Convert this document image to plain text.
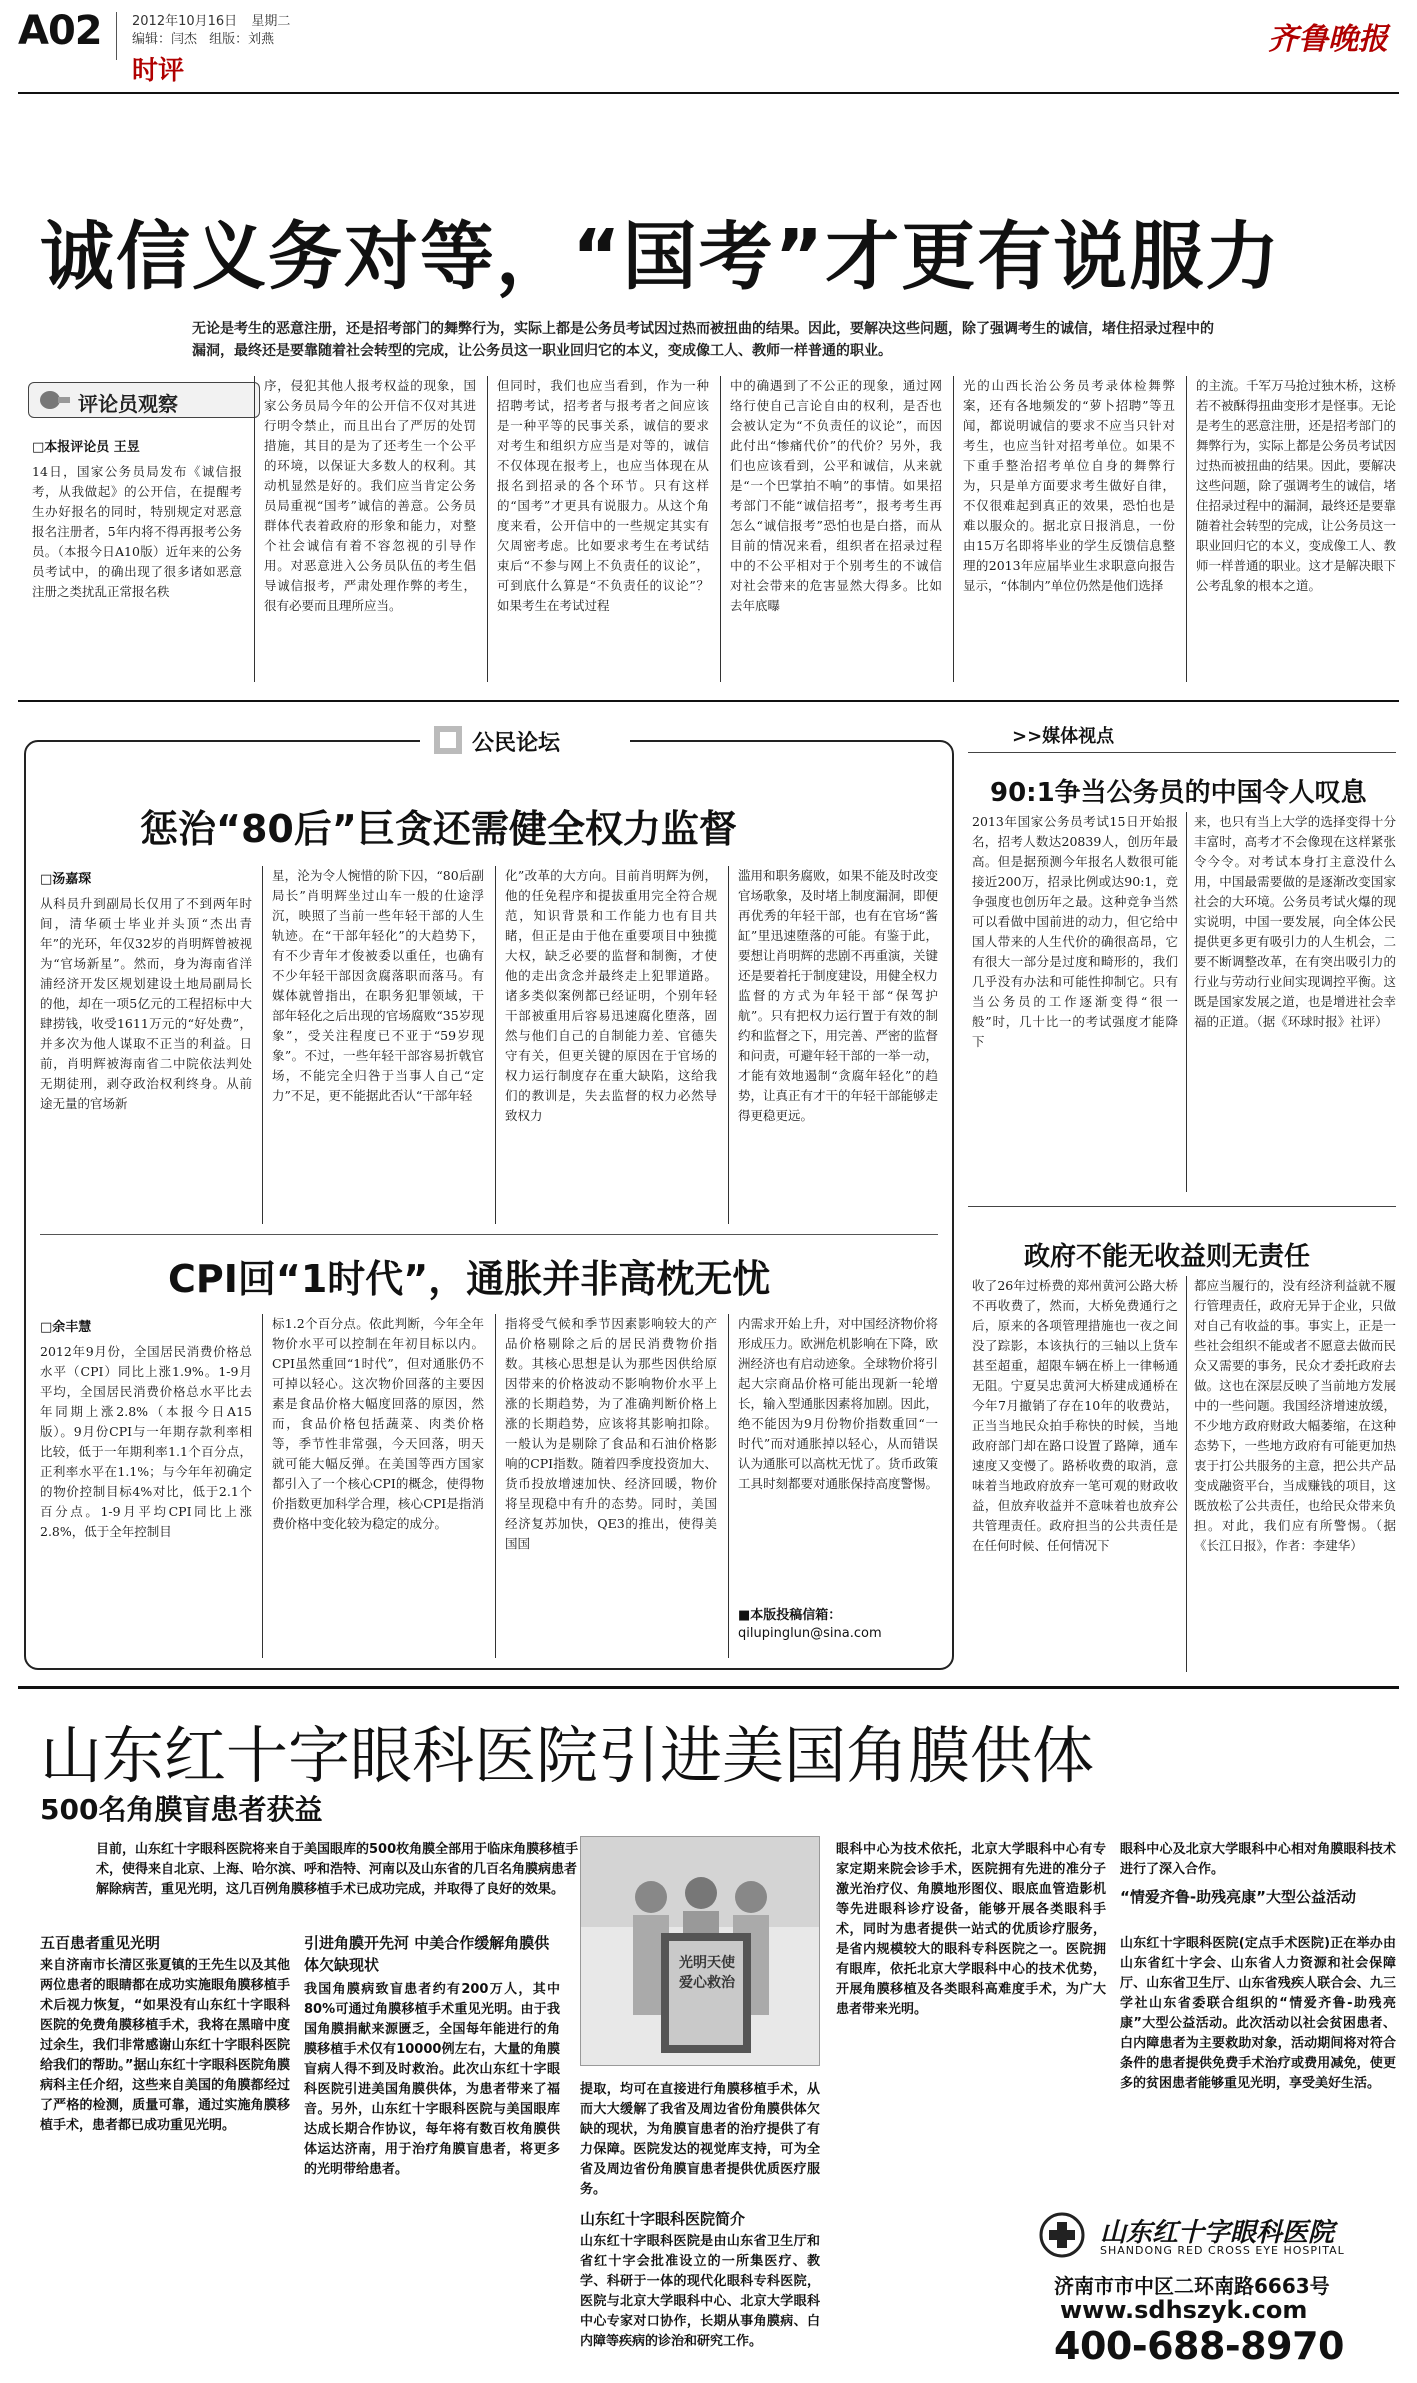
A02 2012年10月16日 星期二
编辑：闫杰 组版：刘燕
时评
齐鲁晚报
诚信义务对等，“国考”才更有说服力
无论是考生的恶意注册，还是招考部门的舞弊行为，实际上都是公务员考试因过热而被扭曲的结果。因此，要解决这些问题，除了强调考生的诚信，堵住招录过程中的漏洞，最终还是要靠随着社会转型的完成，让公务员这一职业回归它的本义，变成像工人、教师一样普通的职业。
评论员观察
□本报评论员 王昱
14日，国家公务员局发布《诚信报考，从我做起》的公开信，在提醒考生办好报名的同时，特别规定对恶意报名注册者，5年内将不得再报考公务员。（本报今日A10版）近年来的公务员考试中，的确出现了很多诸如恶意注册之类扰乱正常报名秩
序，侵犯其他人报考权益的现象，国家公务员局今年的公开信不仅对其进行明令禁止，而且出台了严厉的处罚措施，其目的是为了还考生一个公平的环境，以保证大多数人的权利。其动机显然是好的。我们应当肯定公务员局重视“国考”诚信的善意。公务员群体代表着政府的形象和能力，对整个社会诚信有着不容忽视的引导作用。对恶意进入公务员队伍的考生倡导诚信报考，严肃处理作弊的考生，很有必要而且理所应当。
但同时，我们也应当看到，作为一种招聘考试，招考者与报考者之间应该是一种平等的民事关系，诚信的要求对考生和组织方应当是对等的，诚信不仅体现在报考上，也应当体现在从报名到招录的各个环节。只有这样的“国考”才更具有说服力。从这个角度来看，公开信中的一些规定其实有欠周密考虑。比如要求考生在考试结束后“不参与网上不负责任的议论”，可到底什么算是“不负责任的议论”？如果考生在考试过程
中的确遇到了不公正的现象，通过网络行使自己言论自由的权利，是否也会被认定为“不负责任的议论”，而因此付出“惨痛代价”的代价？另外，我们也应该看到，公平和诚信，从来就是“一个巴掌拍不响”的事情。如果招考部门不能“诚信招考”，报考考生再怎么“诚信报考”恐怕也是白搭，而从目前的情况来看，组织者在招录过程中的不公平相对于个别考生的不诚信对社会带来的危害显然大得多。比如去年底曝
光的山西长治公务员考录体检舞弊案，还有各地频发的“萝卜招聘”等丑闻，都说明诚信的要求不应当只针对考生，也应当针对招考单位。如果不下重手整治招考单位自身的舞弊行为，只是单方面要求考生做好自律，不仅很难起到真正的效果，恐怕也是难以服众的。据北京日报消息，一份由15万名即将毕业的学生反馈信息整理的2013年应届毕业生求职意向报告显示，“体制内”单位仍然是他们选择
的主流。千军万马抢过独木桥，这桥若不被酥得扭曲变形才是怪事。无论是考生的恶意注册，还是招考部门的舞弊行为，实际上都是公务员考试因过热而被扭曲的结果。因此，要解决这些问题，除了强调考生的诚信，堵住招录过程中的漏洞，最终还是要靠随着社会转型的完成，让公务员这一职业回归它的本义，变成像工人、教师一样普通的职业。这才是解决眼下公考乱象的根本之道。
公民论坛
惩治“80后”巨贪还需健全权力监督
□汤嘉琛
从科员升到副局长仅用了不到两年时间，清华硕士毕业并头顶“杰出青年”的光环，年仅32岁的肖明辉曾被视为“官场新星”。然而，身为海南省洋浦经济开发区规划建设土地局副局长的他，却在一项5亿元的工程招标中大肆捞钱，收受1611万元的“好处费”，并多次为他人谋取不正当的利益。日前，肖明辉被海南省二中院依法判处无期徒刑，剥夺政治权利终身。从前途无量的官场新
星，沦为令人惋惜的阶下囚，“80后副局长”肖明辉坐过山车一般的仕途浮沉，映照了当前一些年轻干部的人生轨迹。在“干部年轻化”的大趋势下，有不少青年才俊被委以重任，也确有不少年轻干部因贪腐落职而落马。有媒体就曾指出，在职务犯罪领域，干部年轻化之后出现的官场腐败“35岁现象”，受关注程度已不亚于“59岁现象”。不过，一些年轻干部容易折戟官场，不能完全归咎于当事人自己“定力”不足，更不能据此否认“干部年轻
化”改革的大方向。目前肖明辉为例，他的任免程序和提拔重用完全符合规范，知识背景和工作能力也有目共睹，但正是由于他在重要项目中独揽大权，缺乏必要的监督和制衡，才使他的走出贪念并最终走上犯罪道路。诸多类似案例都已经证明，个别年轻干部被重用后容易迅速腐化堕落，固然与他们自己的自制能力差、官德失守有关，但更关键的原因在于官场的权力运行制度存在重大缺陷，这给我们的教训是，失去监督的权力必然导致权力
滥用和职务腐败，如果不能及时改变官场歌象，及时堵上制度漏洞，即便再优秀的年轻干部，也有在官场“酱缸”里迅速堕落的可能。有鉴于此，要想让肖明辉的悲剧不再重演，关键还是要着托于制度建设，用健全权力监督的方式为年轻干部“保驾护航”。只有把权力运行置于有效的制约和监督之下，用完善、严密的监督和问责，可避年轻干部的一举一动，才能有效地遏制“贪腐年轻化”的趋势，让真正有才干的年轻干部能够走得更稳更远。
CPI回“1时代”，通胀并非高枕无忧
□余丰慧
2012年9月份，全国居民消费价格总水平（CPI）同比上涨1.9%。1-9月平均，全国居民消费价格总水平比去年同期上涨2.8%（本报今日A15版）。9月份CPI与一年期存款利率相比较，低于一年期利率1.1个百分点，正利率水平在1.1%；与今年年初确定的物价控制目标4%对比，低于2.1个百分点。1-9月平均CPI同比上涨2.8%，低于全年控制目
标1.2个百分点。依此判断，今年全年物价水平可以控制在年初目标以内。CPI虽然重回“1时代”，但对通胀仍不可掉以轻心。这次物价回落的主要因素是食品价格大幅度回落的原因，然而，食品价格包括蔬菜、肉类价格等，季节性非常强，今天回落，明天就可能大幅反弹。在美国等西方国家都引入了一个核心CPI的概念，使得物价指数更加科学合理，核心CPI是指消费价格中变化较为稳定的成分。
指将受气候和季节因素影响较大的产品价格剔除之后的居民消费物价指数。其核心思想是认为那些因供给原因带来的价格波动不影响物价水平上涨的长期趋势，为了准确判断价格上涨的长期趋势，应该将其影响扣除。一般认为是剔除了食品和石油价格影响的CPI指数。随着四季度投资加大、货币投放增速加快、经济回暖，物价将呈现稳中有升的态势。同时，美国经济复苏加快，QE3的推出，使得美国国
内需求开始上升，对中国经济物价将形成压力。欧洲危机影响在下降，欧洲经济也有启动迹象。全球物价将引起大宗商品价格可能出现新一轮增长，输入型通胀因素将加剧。因此，绝不能因为9月份物价指数重回“一时代”而对通胀掉以轻心，从而错误认为通胀可以高枕无忧了。货币政策工具时刻都要对通胀保持高度警惕。
■本版投稿信箱：
qilupinglun@sina.com
>>媒体视点
90:1争当公务员的中国令人叹息
2013年国家公务员考试15日开始报名，招考人数达20839人，创历年最高。但是据预测今年报名人数很可能接近200万，招录比例或达90:1，竞争强度也创历年之最。这种竞争当然可以看做中国前进的动力，但它给中国人带来的人生代价的确很高昂，它有很大一部分是过度和畸形的，我们几乎没有办法和可能性抑制它。只有当公务员的工作逐渐变得“很一般”时，几十比一的考试强度才能降下
来，也只有当上大学的选择变得十分丰富时，高考才不会像现在这样紧张令今令。对考试本身打主意没什么用，中国最需要做的是逐渐改变国家社会的大环境。公务员考试火爆的现实说明，中国一要发展，向全体公民提供更多更有吸引力的人生机会，二要不断调整改革，在有突出吸引力的行业与劳动行业间实现调控平衡。这既是国家发展之道，也是增进社会幸福的正道。（据《环球时报》社评）
政府不能无收益则无责任
收了26年过桥费的郑州黄河公路大桥不再收费了，然而，大桥免费通行之后，原来的各项管理措施也一夜之间没了踪影，本该执行的三轴以上货车甚至超重，超限车辆在桥上一律畅通无阻。宁夏吴忠黄河大桥建成通桥在今年7月撤销了存在10年的收费站，正当当地民众拍手称快的时候，当地政府部门却在路口设置了路障，通车速度又变慢了。路桥收费的取消，意味着当地政府放弃一笔可观的财政收益，但放弃收益并不意味着也放弃公共管理责任。政府担当的公共责任是在任何时候、任何情况下
都应当履行的，没有经济利益就不履行管理责任，政府无异于企业，只做对自己有收益的事。事实上，正是一些社会组织不能或者不愿意去做而民众又需要的事务，民众才委托政府去做。这也在深层反映了当前地方发展中的一些问题。我国经济增速放缓，不少地方政府财政大幅萎缩，在这种态势下，一些地方政府有可能更加热衷于打公共服务的主意，把公共产品变成融资平台，当成赚钱的项目，这既放松了公共责任，也给民众带来负担。对此，我们应有所警惕。（据《长江日报》，作者：李建华）
山东红十字眼科医院引进美国角膜供体
500名角膜盲患者获益
目前，山东红十字眼科医院将来自于美国眼库的500枚角膜全部用于临床角膜移植手术，使得来自北京、上海、哈尔滨、呼和浩特、河南以及山东省的几百名角膜病患者解除病苦，重见光明，这几百例角膜移植手术已成功完成，并取得了良好的效果。
五百患者重见光明
来自济南市长清区张夏镇的王先生以及其他两位患者的眼睛都在成功实施眼角膜移植手术后视力恢复，“如果没有山东红十字眼科医院的免费角膜移植手术，我将在黑暗中度过余生，我们非常感谢山东红十字眼科医院给我们的帮助。”据山东红十字眼科医院角膜病科主任介绍，这些来自美国的角膜都经过了严格的检测，质量可靠，通过实施角膜移植手术，患者都已成功重见光明。
引进角膜开先河 中美合作缓解角膜供体欠缺现状
我国角膜病致盲患者约有200万人，其中80%可通过角膜移植手术重见光明。由于我国角膜捐献来源匮乏，全国每年能进行的角膜移植手术仅有10000例左右，大量的角膜盲病人得不到及时救治。此次山东红十字眼科医院引进美国角膜供体，为患者带来了福音。另外，山东红十字眼科医院与美国眼库达成长期合作协议，每年将有数百枚角膜供体运达济南，用于治疗角膜盲患者，将更多的光明带给患者。
光明天使 爱心救治
提取，均可在直接进行角膜移植手术，从而大大缓解了我省及周边省份角膜供体欠缺的现状，为角膜盲患者的治疗提供了有力保障。医院发达的视觉库支持，可为全省及周边省份角膜盲患者提供优质医疗服务。
山东红十字眼科医院简介
山东红十字眼科医院是由山东省卫生厅和省红十字会批准设立的一所集医疗、教学、科研于一体的现代化眼科专科医院，医院与北京大学眼科中心、北京大学眼科中心专家对口协作，长期从事角膜病、白内障等疾病的诊治和研究工作。
眼科中心为技术依托，北京大学眼科中心有专家定期来院会诊手术，医院拥有先进的准分子激光治疗仪、角膜地形图仪、眼底血管造影机等先进眼科诊疗设备，能够开展各类眼科手术，同时为患者提供一站式的优质诊疗服务，是省内规模较大的眼科专科医院之一。医院拥有眼库，依托北京大学眼科中心的技术优势，开展角膜移植及各类眼科高难度手术，为广大患者带来光明。
眼科中心及北京大学眼科中心相对角膜眼科技术进行了深入合作。
“情爱齐鲁-助残亮康”大型公益活动
山东红十字眼科医院(定点手术医院)正在举办由山东省红十字会、山东省人力资源和社会保障厅、山东省卫生厅、山东省残疾人联合会、九三学社山东省委联合组织的“情爱齐鲁-助残亮康”大型公益活动。此次活动以社会贫困患者、白内障患者为主要救助对象，活动期间将对符合条件的患者提供免费手术治疗或费用减免，使更多的贫困患者能够重见光明，享受美好生活。
山东红十字眼科医院
SHANDONG RED CROSS EYE HOSPITAL
济南市市中区二环南路6663号
www.sdhszyk.com
400-688-8970
